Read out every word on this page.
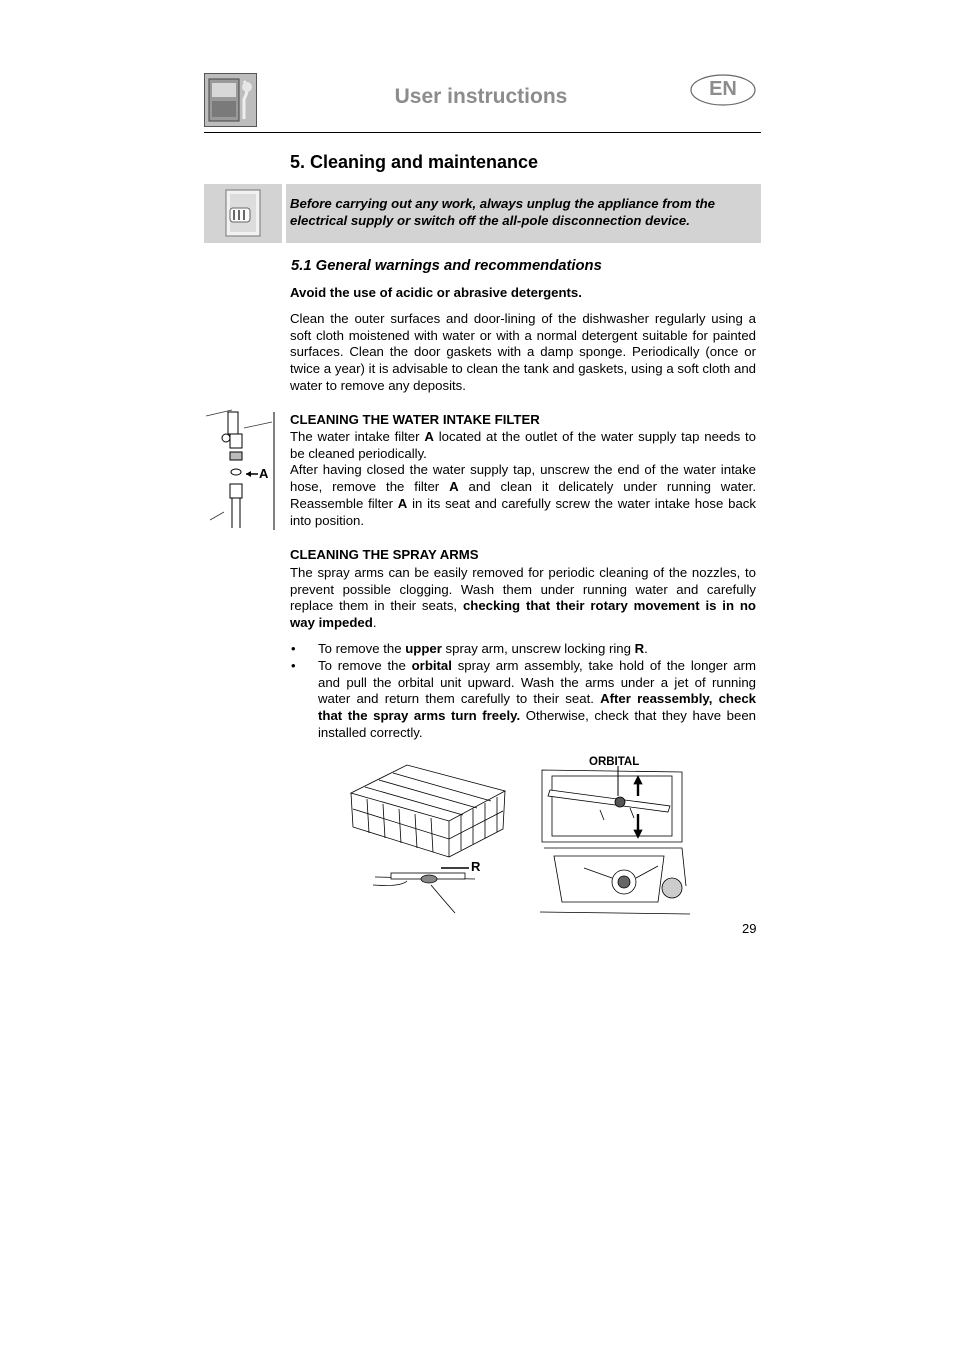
User instructions	EN
5. Cleaning and maintenance
Before carrying out any work, always unplug the appliance from the electrical supply or switch off the all-pole disconnection device.
5.1 General warnings and recommendations
Avoid the use of acidic or abrasive detergents.
Clean the outer surfaces and door-lining of the dishwasher regularly using a soft cloth moistened with water or with a normal detergent suitable for painted surfaces. Clean the door gaskets with a damp sponge. Periodically (once or twice a year) it is advisable to clean the tank and gaskets, using a soft cloth and water to remove any deposits.
A
CLEANING THE WATER INTAKE FILTER
The water intake filter A located at the outlet of the water supply tap needs to be cleaned periodically.
After having closed the water supply tap, unscrew the end of the water intake hose, remove the filter A and clean it delicately under running water. Reassemble filter A in its seat and carefully screw the water intake hose back into position.
CLEANING THE SPRAY ARMS
The spray arms can be easily removed for periodic cleaning of the nozzles, to prevent possible clogging. Wash them under running water and carefully replace them in their seats, checking that their rotary movement is in no way impeded.
• To remove the upper spray arm, unscrew locking ring R.
• To remove the orbital spray arm assembly, take hold of the longer arm and pull the orbital unit upward. Wash the arms under a jet of running water and return them carefully to their seat. After reassembly, check that the spray arms turn freely. Otherwise, check that they have been installed correctly.
R
ORBITAL
29
